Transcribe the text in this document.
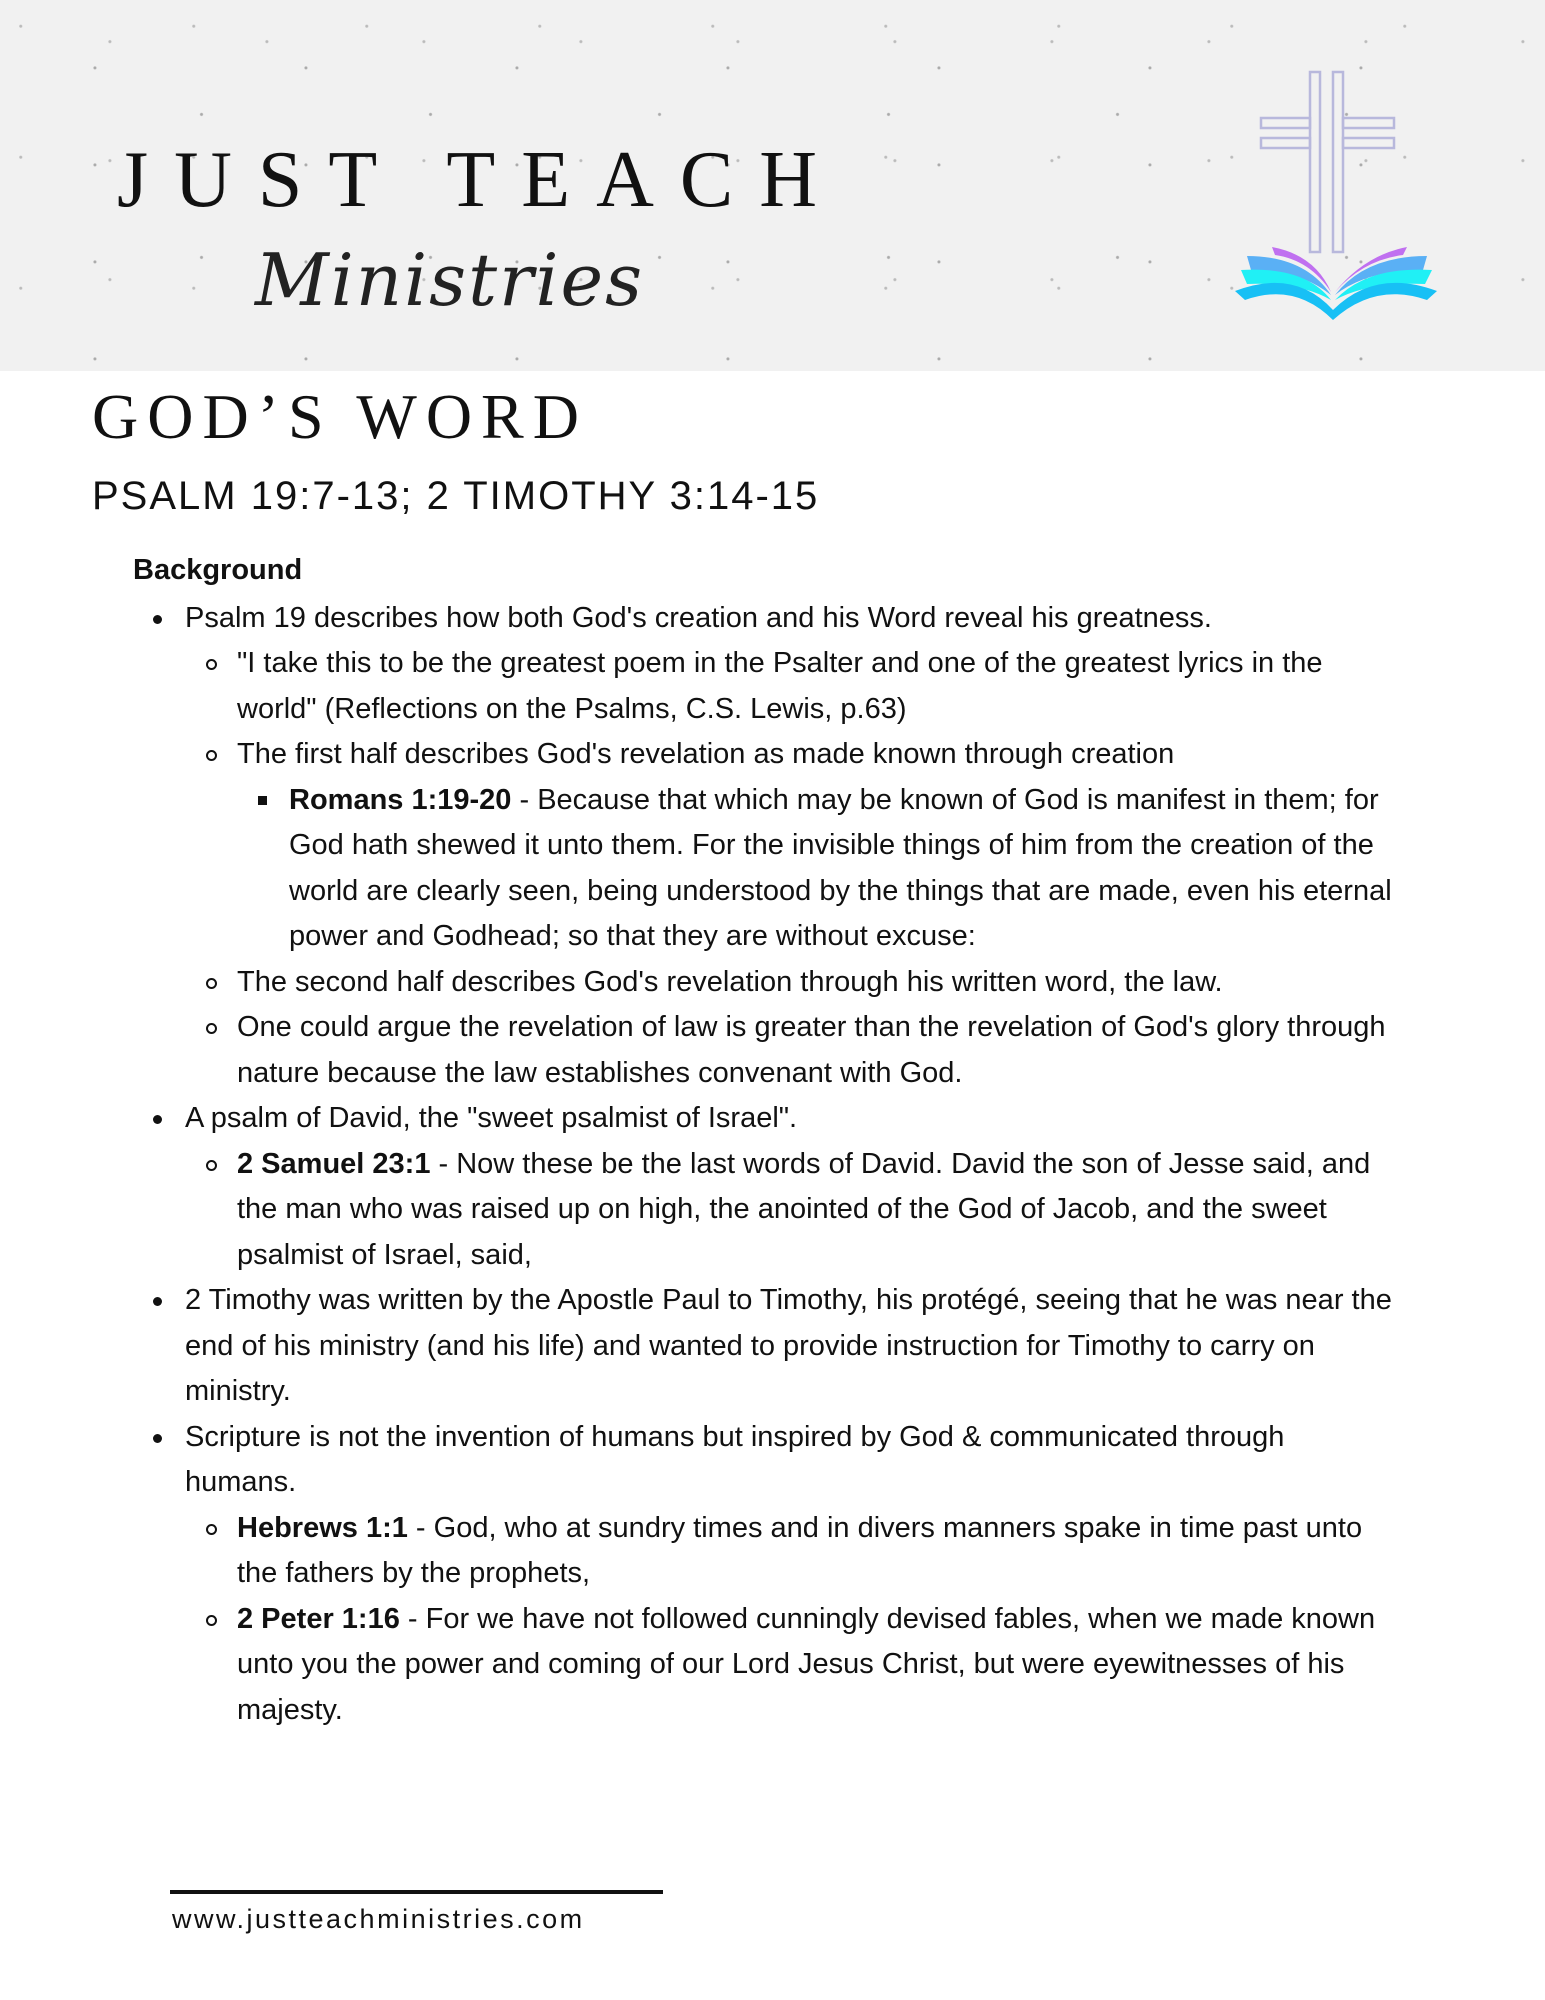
JUST TEACH
Ministries
GOD’S WORD
PSALM 19:7-13; 2 TIMOTHY 3:14-15
Background
Psalm 19 describes how both God's creation and his Word reveal his greatness.
"I take this to be the greatest poem in the Psalter and one of the greatest lyrics in the world" (Reflections on the Psalms, C.S. Lewis, p.63)
The first half describes God's revelation as made known through creation
Romans 1:19-20 - Because that which may be known of God is manifest in them; for God hath shewed it unto them. For the invisible things of him from the creation of the world are clearly seen, being understood by the things that are made, even his eternal power and Godhead; so that they are without excuse:
The second half describes God's revelation through his written word, the law.
One could argue the revelation of law is greater than the revelation of God's glory through nature because the law establishes convenant with God.
A psalm of David, the "sweet psalmist of Israel".
2 Samuel 23:1 - Now these be the last words of David. David the son of Jesse said, and the man who was raised up on high, the anointed of the God of Jacob, and the sweet psalmist of Israel, said,
2 Timothy was written by the Apostle Paul to Timothy, his protégé, seeing that he was near the end of his ministry (and his life) and wanted to provide instruction for Timothy to carry on ministry.
Scripture is not the invention of humans but inspired by God & communicated through humans.
Hebrews 1:1 - God, who at sundry times and in divers manners spake in time past unto the fathers by the prophets,
2 Peter 1:16 - For we have not followed cunningly devised fables, when we made known unto you the power and coming of our Lord Jesus Christ, but were eyewitnesses of his majesty.
www.justteachministries.com
